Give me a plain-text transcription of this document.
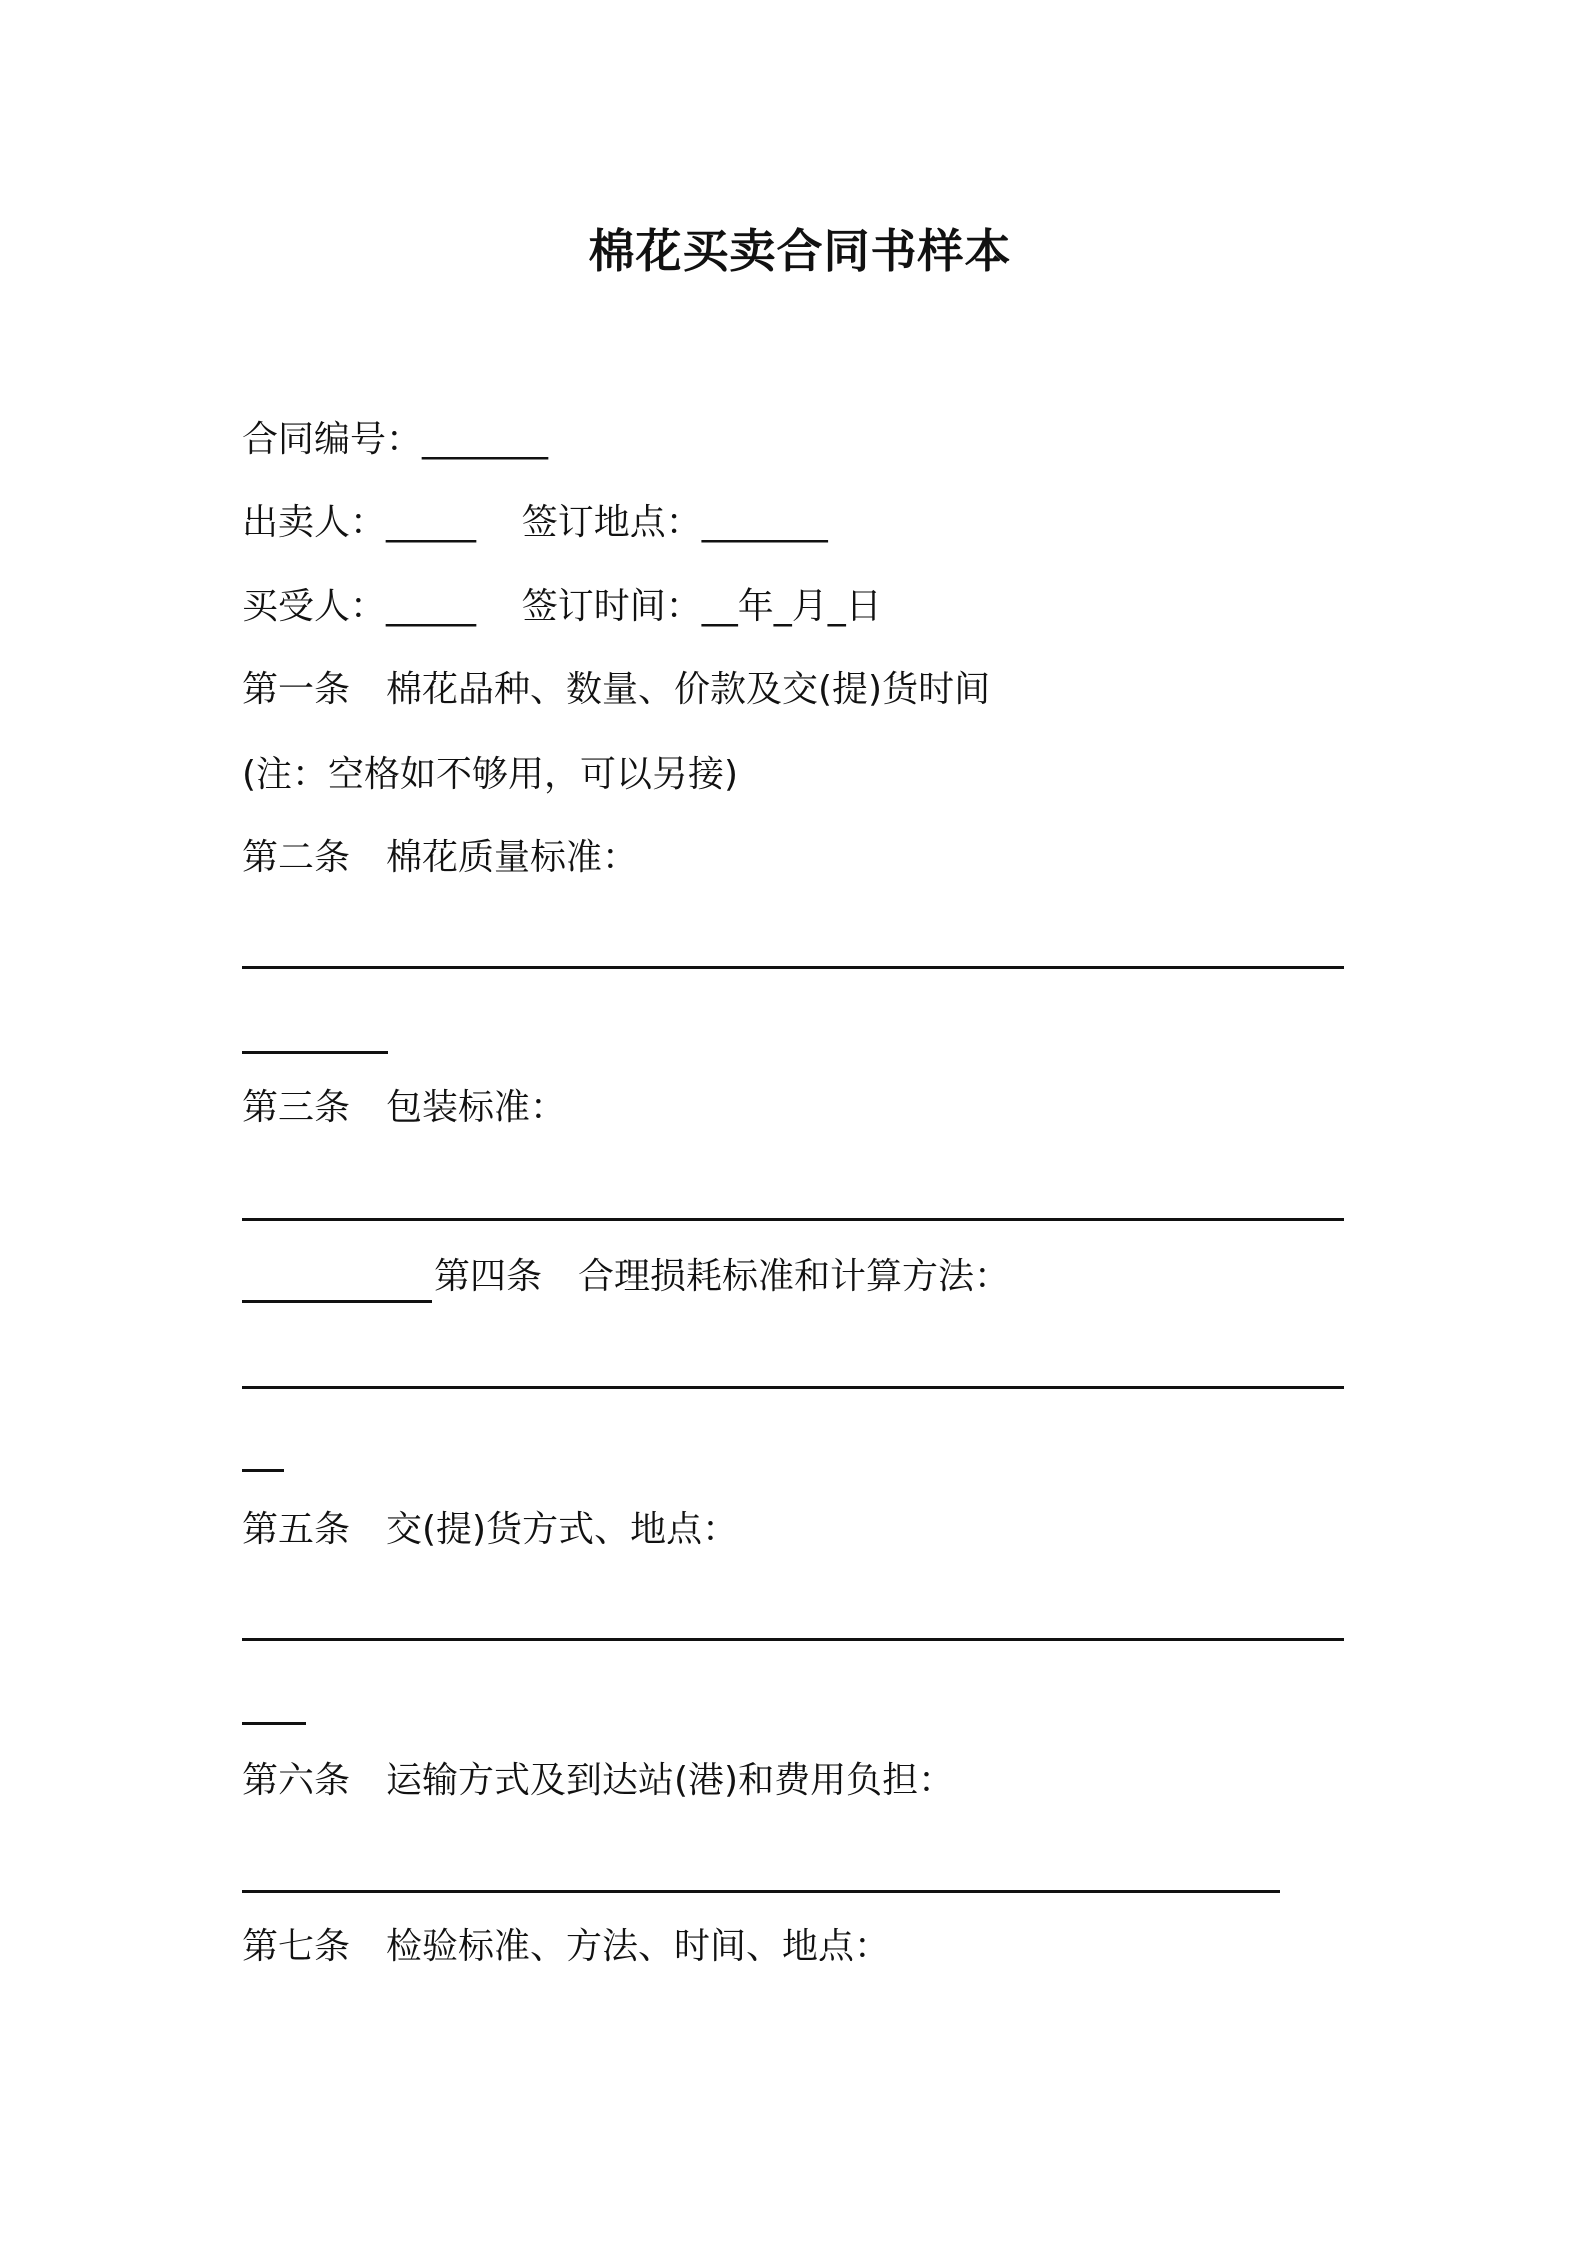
棉花买卖合同书样本
合同编号：_______
出卖人：_____    签订地点：_______
买受人：_____    签订时间：__年_月_日
第一条　棉花品种、数量、价款及交(提)货时间
(注：空格如不够用，可以另接)
第二条　棉花质量标准：
第三条　包装标准：
第四条　合理损耗标准和计算方法：
第五条　交(提)货方式、地点：
第六条　运输方式及到达站(港)和费用负担：
第七条　检验标准、方法、时间、地点：
